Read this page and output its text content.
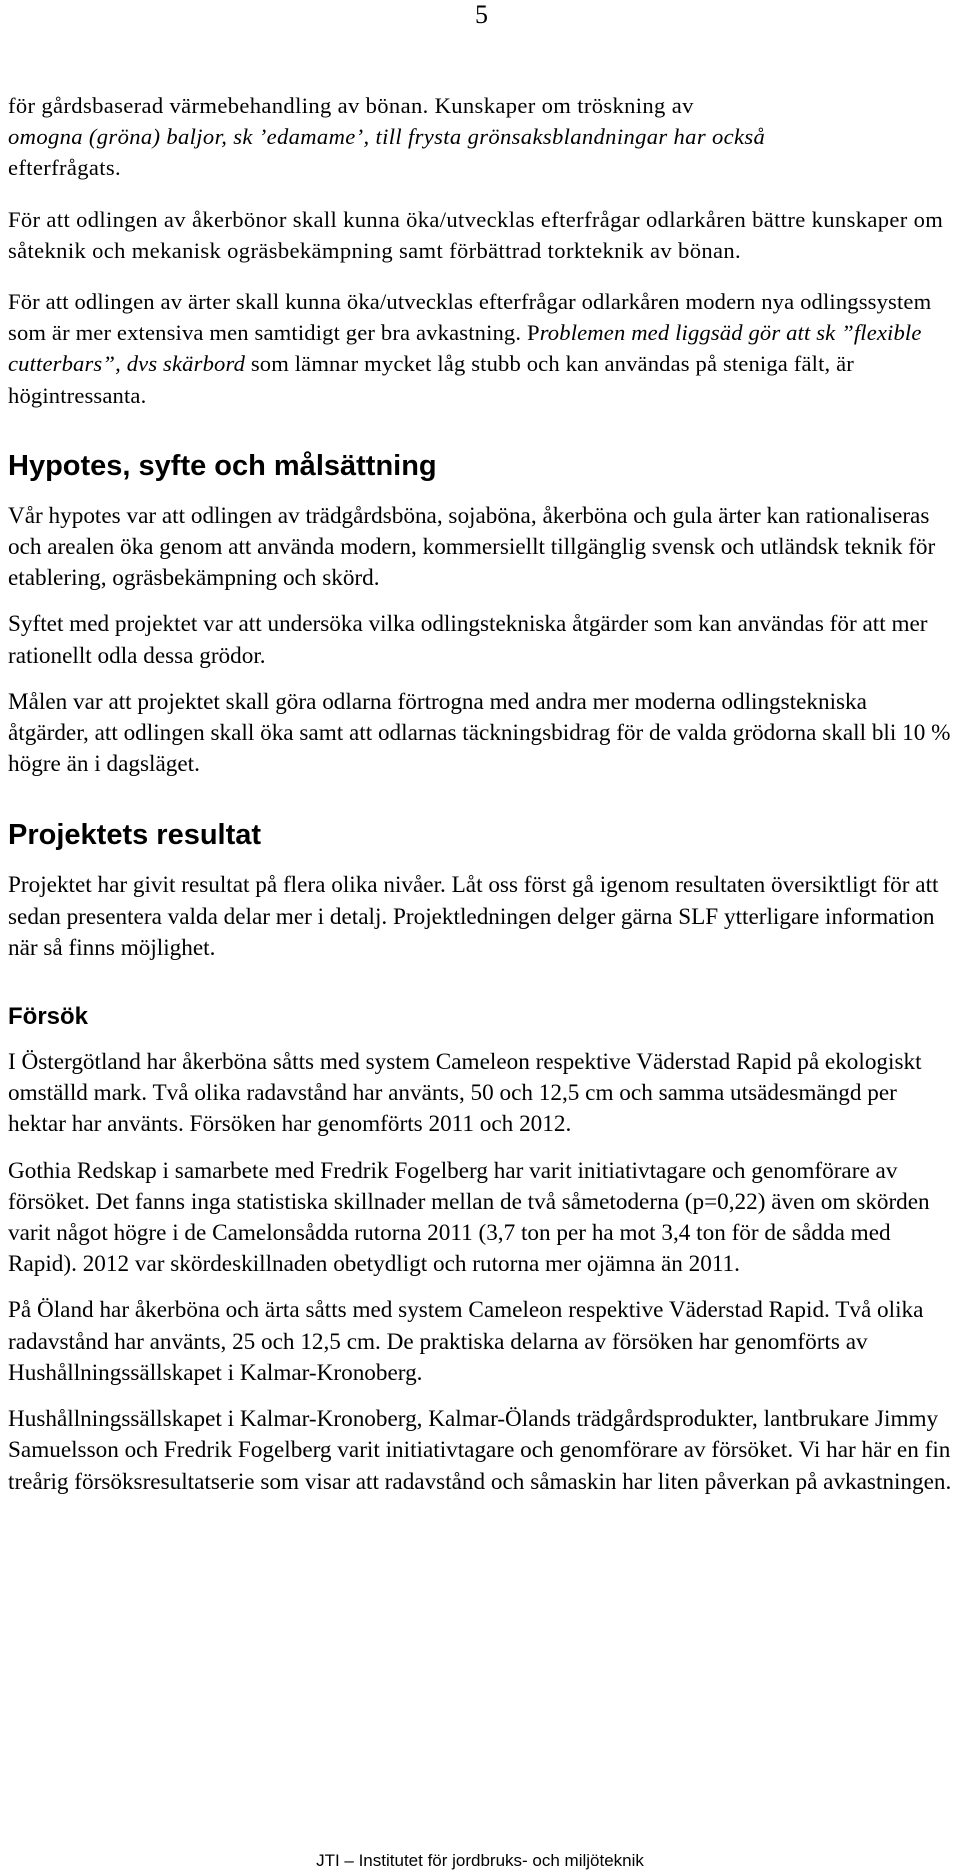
5

för gårdsbaserad värmebehandling av bönan. Kunskaper om tröskning av
omogna (gröna) baljor, sk ’edamame’, till frysta grönsaksblandningar har också
efterfrågats.

För att odlingen av åkerbönor skall kunna öka/utvecklas efterfrågar odlarkåren bättre kunskaper om såteknik och mekanisk ogräsbekämpning samt förbättrad torkteknik av bönan.

För att odlingen av ärter skall kunna öka/utvecklas efterfrågar odlarkåren modern nya odlingssystem som är mer extensiva men samtidigt ger bra avkastning. Problemen med liggsäd gör att sk ”flexible cutterbars”, dvs skärbord som lämnar mycket låg stubb och kan användas på steniga fält, är högintressanta.

Hypotes, syfte och målsättning

Vår hypotes var att odlingen av trädgårdsböna, sojaböna, åkerböna och gula ärter kan rationaliseras och arealen öka genom att använda modern, kommersiellt tillgänglig svensk och utländsk teknik för etablering, ogräsbekämpning och skörd.

Syftet med projektet var att undersöka vilka odlingstekniska åtgärder som kan användas för att mer rationellt odla dessa grödor.

Målen var att projektet skall göra odlarna förtrogna med andra mer moderna odlingstekniska åtgärder, att odlingen skall öka samt att odlarnas täckningsbidrag för de valda grödorna skall bli 10 % högre än i dagsläget.

Projektets resultat

Projektet har givit resultat på flera olika nivåer. Låt oss först gå igenom resultaten översiktligt för att sedan presentera valda delar mer i detalj. Projektledningen delger gärna SLF ytterligare information när så finns möjlighet.

Försök

I Östergötland har åkerböna såtts med system Cameleon respektive Väderstad Rapid på ekologiskt omställd mark. Två olika radavstånd har använts, 50 och 12,5 cm och samma utsädesmängd per hektar har använts. Försöken har genomförts 2011 och 2012.

Gothia Redskap i samarbete med Fredrik Fogelberg har varit initiativtagare och genomförare av försöket. Det fanns inga statistiska skillnader mellan de två såmetoderna (p=0,22) även om skörden varit något högre i de Camelonsådda rutorna 2011 (3,7 ton per ha mot 3,4 ton för de sådda med Rapid). 2012 var skördeskillnaden obetydligt och rutorna mer ojämna än 2011.

På Öland har åkerböna och ärta såtts med system Cameleon respektive Väderstad Rapid. Två olika radavstånd har använts, 25 och 12,5 cm. De praktiska delarna av försöken har genomförts av Hushållningssällskapet i Kalmar-Kronoberg.

Hushållningssällskapet i Kalmar-Kronoberg, Kalmar-Ölands trädgårdsprodukter, lantbrukare Jimmy Samuelsson och Fredrik Fogelberg varit initiativtagare och genomförare av försöket. Vi har här en fin treårig försöksresultatserie som visar att radavstånd och såmaskin har liten påverkan på avkastningen.

JTI – Institutet för jordbruks- och miljöteknik
